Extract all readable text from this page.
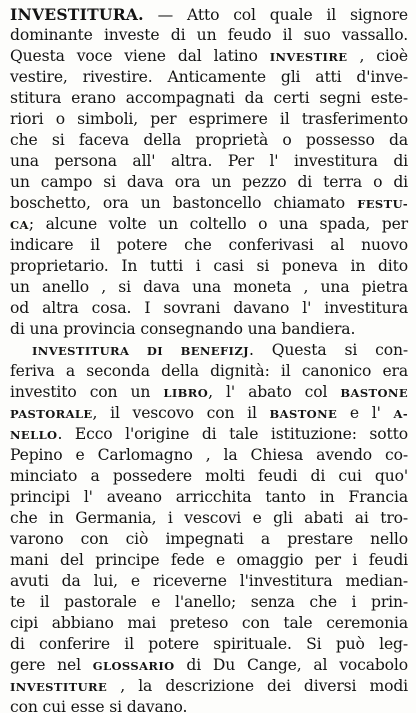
INVESTITURA. — Atto col quale il signore
dominante investe di un feudo il suo vassallo.
Questa voce viene dal latino INVESTIRE , cioè
vestire, rivestire. Anticamente gli atti d'inve-
stitura erano accompagnati da certi segni este-
riori o simboli, per esprimere il trasferimento
che si faceva della proprietà o possesso da
una persona all' altra. Per l' investitura di
un campo si dava ora un pezzo di terra o di
boschetto, ora un bastoncello chiamato FESTU-
CA; alcune volte un coltello o una spada, per
indicare il potere che conferivasi al nuovo
proprietario. In tutti i casi si poneva in dito
un anello , si dava una moneta , una pietra
od altra cosa. I sovrani davano l' investitura
di una provincia consegnando una bandiera.
INVESTITURA DI BENEFIZJ. Questa si con-
feriva a seconda della dignità: il canonico era
investito con un LIBRO, l' abato col BASTONE
PASTORALE, il vescovo con il BASTONE e l' A-
NELLO. Ecco l'origine di tale istituzione: sotto
Pepino e Carlomagno , la Chiesa avendo co-
minciato a possedere molti feudi di cui quo'
principi l' aveano arricchita tanto in Francia
che in Germania, i vescovi e gli abati ai tro-
varono con ciò impegnati a prestare nello
mani del principe fede e omaggio per i feudi
avuti da lui, e riceverne l'investitura median-
te il pastorale e l'anello; senza che i prin-
cipi abbiano mai preteso con tale ceremonia
di conferire il potere spirituale. Si può leg-
gere nel GLOSSARIO di Du Cange, al vocabolo
INVESTITURE , la descrizione dei diversi modi
con cui esse si davano.
